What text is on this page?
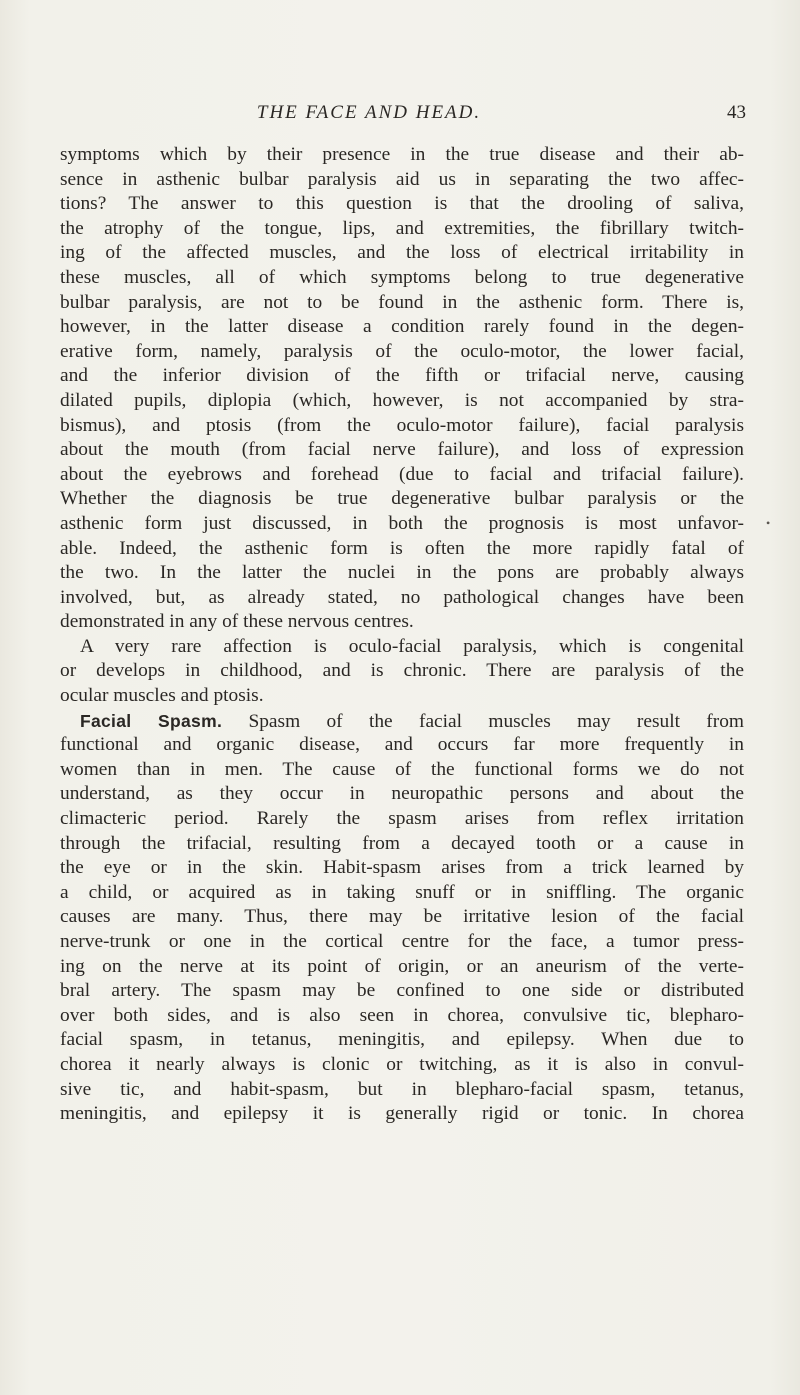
THE FACE AND HEAD.	43
•
symptoms which by their presence in the true disease and their ab-
sence in asthenic bulbar paralysis aid us in separating the two affec-
tions? The answer to this question is that the drooling of saliva,
the atrophy of the tongue, lips, and extremities, the fibrillary twitch-
ing of the affected muscles, and the loss of electrical irritability in
these muscles, all of which symptoms belong to true degenerative
bulbar paralysis, are not to be found in the asthenic form. There is,
however, in the latter disease a condition rarely found in the degen-
erative form, namely, paralysis of the oculo-motor, the lower facial,
and the inferior division of the fifth or trifacial nerve, causing
dilated pupils, diplopia (which, however, is not accompanied by stra-
bismus), and ptosis (from the oculo-motor failure), facial paralysis
about the mouth (from facial nerve failure), and loss of expression
about the eyebrows and forehead (due to facial and trifacial failure).
Whether the diagnosis be true degenerative bulbar paralysis or the
asthenic form just discussed, in both the prognosis is most unfavor-
able. Indeed, the asthenic form is often the more rapidly fatal of
the two. In the latter the nuclei in the pons are probably always
involved, but, as already stated, no pathological changes have been
demonstrated in any of these nervous centres.
A very rare affection is oculo-facial paralysis, which is congenital
or develops in childhood, and is chronic. There are paralysis of the
ocular muscles and ptosis.
Facial Spasm. Spasm of the facial muscles may result from
functional and organic disease, and occurs far more frequently in
women than in men. The cause of the functional forms we do not
understand, as they occur in neuropathic persons and about the
climacteric period. Rarely the spasm arises from reflex irritation
through the trifacial, resulting from a decayed tooth or a cause in
the eye or in the skin. Habit-spasm arises from a trick learned by
a child, or acquired as in taking snuff or in sniffling. The organic
causes are many. Thus, there may be irritative lesion of the facial
nerve-trunk or one in the cortical centre for the face, a tumor press-
ing on the nerve at its point of origin, or an aneurism of the verte-
bral artery. The spasm may be confined to one side or distributed
over both sides, and is also seen in chorea, convulsive tic, blepharo-
facial spasm, in tetanus, meningitis, and epilepsy. When due to
chorea it nearly always is clonic or twitching, as it is also in convul-
sive tic, and habit-spasm, but in blepharo-facial spasm, tetanus,
meningitis, and epilepsy it is generally rigid or tonic. In chorea
